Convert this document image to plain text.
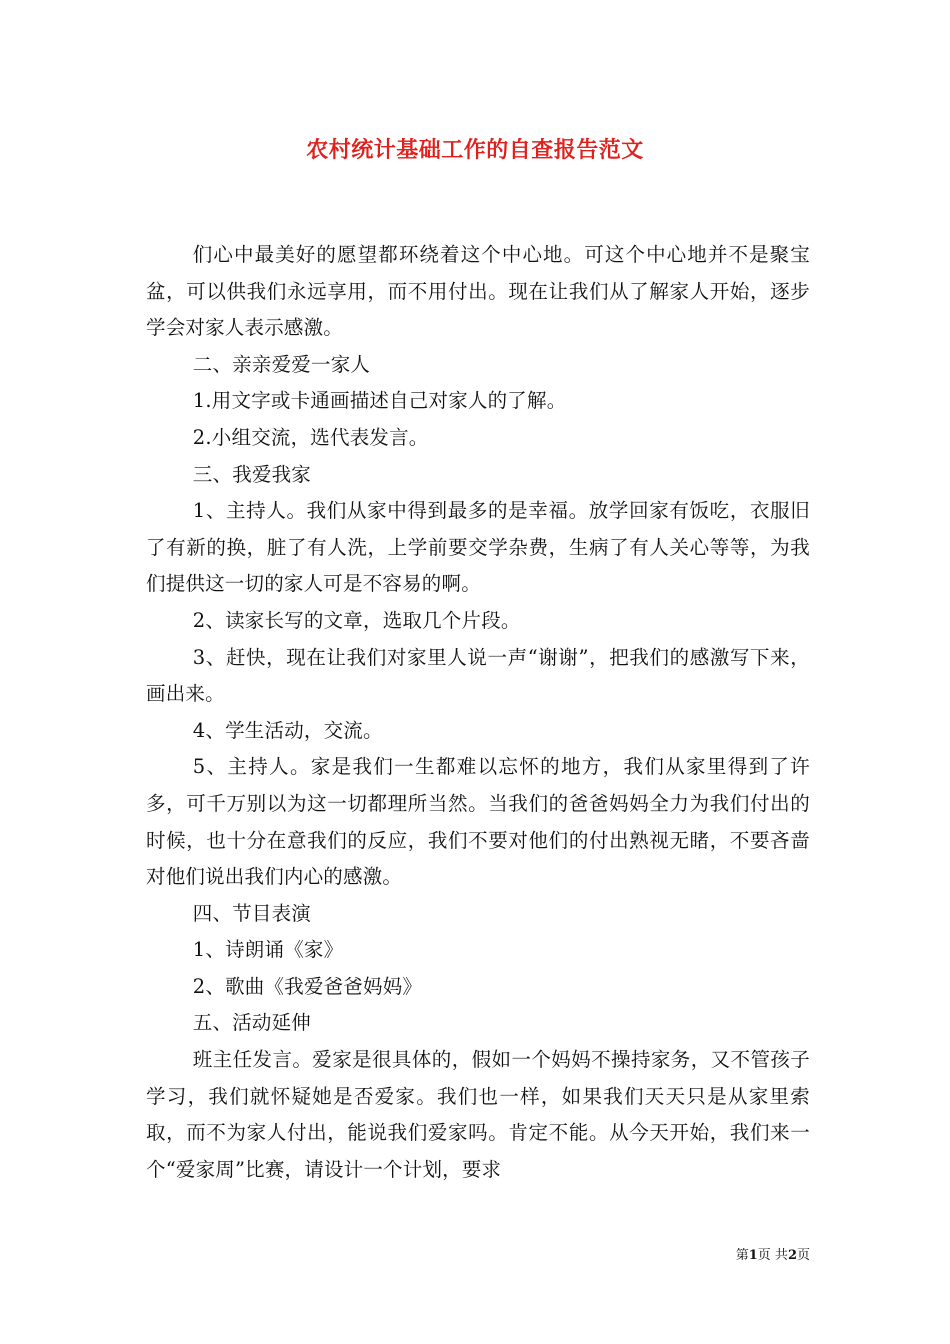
农村统计基础工作的自查报告范文

们心中最美好的愿望都环绕着这个中心地。可这个中心地并不是聚宝盆，可以供我们永远享用，而不用付出。现在让我们从了解家人开始，逐步学会对家人表示感激。

二、亲亲爱爱一家人

1.用文字或卡通画描述自己对家人的了解。

2.小组交流，选代表发言。

三、我爱我家

1、主持人。我们从家中得到最多的是幸福。放学回家有饭吃，衣服旧了有新的换，脏了有人洗，上学前要交学杂费，生病了有人关心等等，为我们提供这一切的家人可是不容易的啊。

2、读家长写的文章，选取几个片段。

3、赶快，现在让我们对家里人说一声“谢谢”，把我们的感激写下来，画出来。

4、学生活动，交流。

5、主持人。家是我们一生都难以忘怀的地方，我们从家里得到了许多，可千万别以为这一切都理所当然。当我们的爸爸妈妈全力为我们付出的时候，也十分在意我们的反应，我们不要对他们的付出熟视无睹，不要吝啬对他们说出我们内心的感激。

四、节目表演

1、诗朗诵《家》

2、歌曲《我爱爸爸妈妈》

五、活动延伸

班主任发言。爱家是很具体的，假如一个妈妈不操持家务，又不管孩子学习，我们就怀疑她是否爱家。我们也一样，如果我们天天只是从家里索取，而不为家人付出，能说我们爱家吗。肯定不能。从今天开始，我们来一个“爱家周”比赛，请设计一个计划，要求

第1页 共2页
